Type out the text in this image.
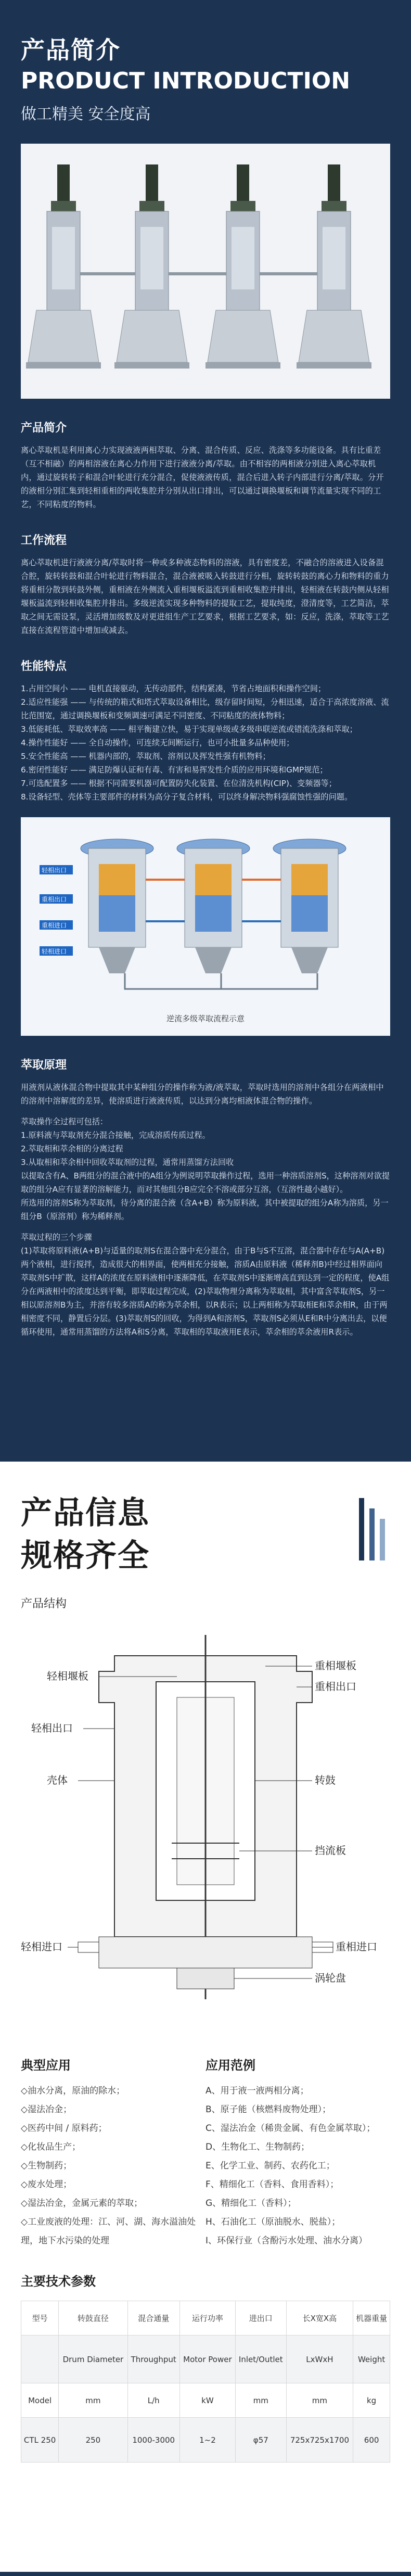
产品简介
PRODUCT INTRODUCTION
做工精美 安全度高
产品简介
离心萃取机是利用离心力实现液液两相萃取、分离、混合传质、反应、洗涤等多功能设备。具有比重差（互不相融）的两相溶液在离心力作用下进行液液分离/萃取。由不相容的两相液分别进入离心萃取机内，通过旋转转子和混合叶轮进行充分混合，促使液液传质，混合后进入转子内部进行分离/萃取。分开的液相分别汇集到轻相重相的两收集腔并分别从出口排出，可以通过调换堰板和调节流量实现不同的工艺，不同粘度的物料。
工作流程
离心萃取机进行液液分离/萃取时将一种或多种液态物料的溶液，具有密度差，不融合的溶液进入设备混合腔，旋转转鼓和混合叶轮进行物料混合，混合液被吸入转鼓进行分相，旋转转鼓的离心力和物料的重力将重相分散到转鼓外侧，重相液在外侧流入重相堰板溢流到重相收集腔并排出，轻相液在转鼓内侧从轻相堰板溢流到轻相收集腔并排出。多级逆流实现多种物料的提取工艺，提取纯度，澄清度等，工艺简洁，萃取之间无需设泵，灵活增加级数及对更进组生产工艺要求，根据工艺要求，如：反应，洗涤，萃取等工艺直接在流程管道中增加或减去。
性能特点

1.占用空间小 —— 电机直接驱动，无传动部件，结构紧凑，节省占地面积和操作空间；

2.适应性能强 —— 与传统的箱式和塔式萃取设备相比，级存留时间短，分相迅速，适合于高浓度溶液、流比范围宽，通过调换堰板和变频调速可满足不同密度、不同粘度的液体物料；

3.低能耗低、萃取效率高 —— 相平衡建立快，易于实现单级或多级串联逆流或错流洗涤和萃取；

4.操作性能好 —— 全自动操作，可连续无间断运行，也可小批量多品种使用；

5.安全性能高 —— 机器内部的，萃取剂、溶剂以及挥发性强有机物料；

6.密闭性能好 —— 满足防爆认证和有毒、有害和易挥发性介质的应用环境和GMP规范；

7.可选配置多 —— 根据不同需要机器可配置防失化装置、在位清洗机构(CIP)、变频器等；

8.设备轻型、壳体等主要部件的材料为高分子复合材料，可以终身解决物料强腐蚀性强的问题。

轻相出口
重相出口
重相进口
轻相进口
逆流多级萃取流程示意
萃取原理
用液剂从液体混合物中提取其中某种组分的操作称为液/液萃取，萃取时选用的溶剂中各组分在两液相中的溶剂中溶解度的差异，使溶质进行液液传质，以达到分离均相液体混合物的操作。

萃取操作全过程可包括：

1.原料液与萃取剂充分混合接触，完成溶质传质过程。

2.萃取相和萃余相的分离过程

3.从取相和萃余相中回收萃取剂的过程，通常用蒸馏方法回收

以提取含有A、B两组分的混合液中的A组分为例说明萃取操作过程，选用一种溶质溶剂S，这种溶剂对欲提取的组分A应有显著的溶解能力，而对其他组分B应完全不溶或部分互溶，（互溶性越小越好）。

所选用的溶剂S称为萃取剂，待分离的混合液（含A+B）称为原料液，其中被提取的组分A称为溶质，另一组分B（原溶剂）称为稀释剂。

萃取过程的三个步骤

(1)萃取将原料液(A+B)与适量的取剂S在混合器中充分混合，由于B与S不互溶，混合器中存在与A(A+B)两个液相，进行搅拌，造成很大的相界面，使两相充分接触，溶质A由原料液（稀释剂B)中经过相界面向萃取剂S中扩散，这样A的浓度在原料液相中逐渐降低，在萃取剂S中逐渐增高直到达到一定的程度，使A组分在两液相中的浓度达到平衡，即萃取过程完成，(2)萃取物理分离称为萃取相，其中富含萃取剂S，另一相以原溶剂B为主，并溶有较多溶质A的称为萃余相，以R表示；以上两相称为萃取相E和萃余相R，由于两相密度不同，静置后分层。(3)萃取剂S的回收，为得到A和溶剂S，萃取剂S必须从E和R中分离出去，以便循环使用，通常用蒸馏的方法将A和S分离，萃取相的萃取液用E表示，萃余相的萃余液用R表示。

产品信息
规格齐全
产品结构
重相堰板
轻相堰板
重相出口
轻相出口
壳体	转鼓
挡流板
重相进口
轻相进口
涡轮盘
典型应用
◇油水分离，原油的除水；
◇湿法冶金；
◇医药中间 / 原料药；
◇化妆品生产；
◇生物制药；
◇废水处理；
◇湿法冶金，金属元素的萃取；
◇工业废液的处理：江、河、湖、海水溢油处理，地下水污染的处理
应用范例
A、用于液一液两相分离；
B、原子能（核燃料废物处理）；
C、湿法冶金（稀贵金属、有色金属萃取）；
D、生物化工、生物制药；
E、化学工业、制药、农药化工；
F、精细化工（香料、食用香料）；
G、精细化工（香料）；
H、石油化工（原油脱水、脱盐）；
I、环保行业（含酚污水处理、油水分离）
主要技术参数
型号	转鼓直径	混合通量	运行功率	进出口	长X宽X高	机器重量
	Drum Diameter	Throughput	Motor Power	Inlet/Outlet	LxWxH	Weight
Model	mm	L/h	kW	mm	mm	kg
CTL 250	250	1000-3000	1~2	φ57	725x725x1700	600
